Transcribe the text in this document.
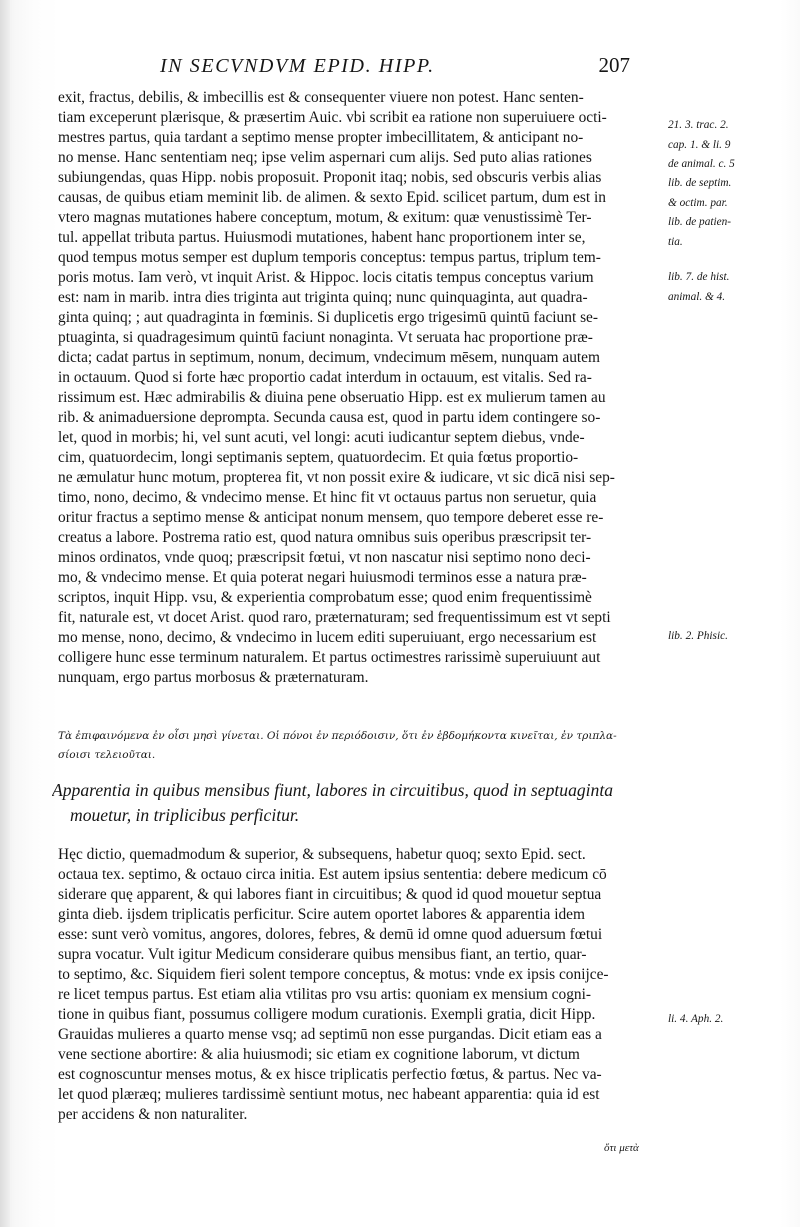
IN SECVNDVM EPID. HIPP.	207
exit, fractus, debilis, & imbecillis est & consequenter viuere non potest. Hanc senten-
tiam exceperunt plærisque, & præsertim Auic. vbi scribit ea ratione non superuiuere octi-
mestres partus, quia tardant a septimo mense propter imbecillitatem, & anticipant no-
no mense. Hanc sententiam neq; ipse velim aspernari cum alijs. Sed puto alias rationes
subiungendas, quas Hipp. nobis proposuit. Proponit itaq; nobis, sed obscuris verbis alias
causas, de quibus etiam meminit lib. de alimen. & sexto Epid. scilicet partum, dum est in
vtero magnas mutationes habere conceptum, motum, & exitum: quæ venustissimè Ter-
tul. appellat tributa partus. Huiusmodi mutationes, habent hanc proportionem inter se,
quod tempus motus semper est duplum temporis conceptus: tempus partus, triplum tem-
poris motus. Iam verò, vt inquit Arist. & Hippoc. locis citatis tempus conceptus varium
est: nam in marib. intra dies triginta aut triginta quinq; nunc quinquaginta, aut quadra-
ginta quinq; ; aut quadraginta in fœminis. Si duplicetis ergo trigesimū quintū faciunt se-
ptuaginta, si quadragesimum quintū faciunt nonaginta. Vt seruata hac proportione præ-
dicta; cadat partus in septimum, nonum, decimum, vndecimum mēsem, nunquam autem
in octauum. Quod si forte hæc proportio cadat interdum in octauum, est vitalis. Sed ra-
rissimum est. Hæc admirabilis & diuina pene obseruatio Hipp. est ex mulierum tamen au
rib. & animaduersione deprompta. Secunda causa est, quod in partu idem contingere so-
let, quod in morbis; hi, vel sunt acuti, vel longi: acuti iudicantur septem diebus, vnde-
cim, quatuordecim, longi septimanis septem, quatuordecim. Et quia fœtus proportio-
ne æmulatur hunc motum, propterea fit, vt non possit exire & iudicare, vt sic dicā nisi sep-
timo, nono, decimo, & vndecimo mense. Et hinc fit vt octauus partus non seruetur, quia
oritur fractus a septimo mense & anticipat nonum mensem, quo tempore deberet esse re-
creatus a labore. Postrema ratio est, quod natura omnibus suis operibus præscripsit ter-
minos ordinatos, vnde quoq; præscripsit fœtui, vt non nascatur nisi septimo nono deci-
mo, & vndecimo mense. Et quia poterat negari huiusmodi terminos esse a natura præ-
scriptos, inquit Hipp. vsu, & experientia comprobatum esse; quod enim frequentissimè
fit, naturale est, vt docet Arist. quod raro, præternaturam; sed frequentissimum est vt septi
mo mense, nono, decimo, & vndecimo in lucem editi superuiuant, ergo necessarium est
colligere hunc esse terminum naturalem. Et partus octimestres rarissimè superuiuunt aut
nunquam, ergo partus morbosus & præternaturam.
21. 3. trac. 2.
cap. 1. & li. 9
de animal. c. 5
lib. de septim.
& octim. par.
lib. de patien-
tia.
lib. 7. de hist.
animal. & 4.
lib. 2. Phisic.
Τὰ ἐπιφαινόμενα ἐν οἷσι μησὶ γίνεται. Οἱ πόνοι ἐν περιόδοισιν, ὅτι ἐν ἑβδομήκοντα κινεῖται, ἐν τριπλα-
σίοισι τελειοῦται.
Apparentia in quibus mensibus fiunt, labores in circuitibus, quod in septuaginta
mouetur, in triplicibus perficitur.
Hęc dictio, quemadmodum & superior, & subsequens, habetur quoq; sexto Epid. sect.
octaua tex. septimo, & octauo circa initia. Est autem ipsius sententia: debere medicum cō
siderare quę apparent, & qui labores fiant in circuitibus; & quod id quod mouetur septua
ginta dieb. ijsdem triplicatis perficitur. Scire autem oportet labores & apparentia idem
esse: sunt verò vomitus, angores, dolores, febres, & demū id omne quod aduersum fœtui
supra vocatur. Vult igitur Medicum considerare quibus mensibus fiant, an tertio, quar-
to septimo, &c. Siquidem fieri solent tempore conceptus, & motus: vnde ex ipsis conijce-
re licet tempus partus. Est etiam alia vtilitas pro vsu artis: quoniam ex mensium cogni-
tione in quibus fiant, possumus colligere modum curationis. Exempli gratia, dicit Hipp.
Grauidas mulieres a quarto mense vsq; ad septimū non esse purgandas. Dicit etiam eas a
vene sectione abortire: & alia huiusmodi; sic etiam ex cognitione laborum, vt dictum
est cognoscuntur menses motus, & ex hisce triplicatis perfectio fœtus, & partus. Nec va-
let quod plæræq; mulieres tardissimè sentiunt motus, nec habeant apparentia: quia id est
per accidens & non naturaliter.
li. 4. Aph. 2.
ὅτι μετὰ
